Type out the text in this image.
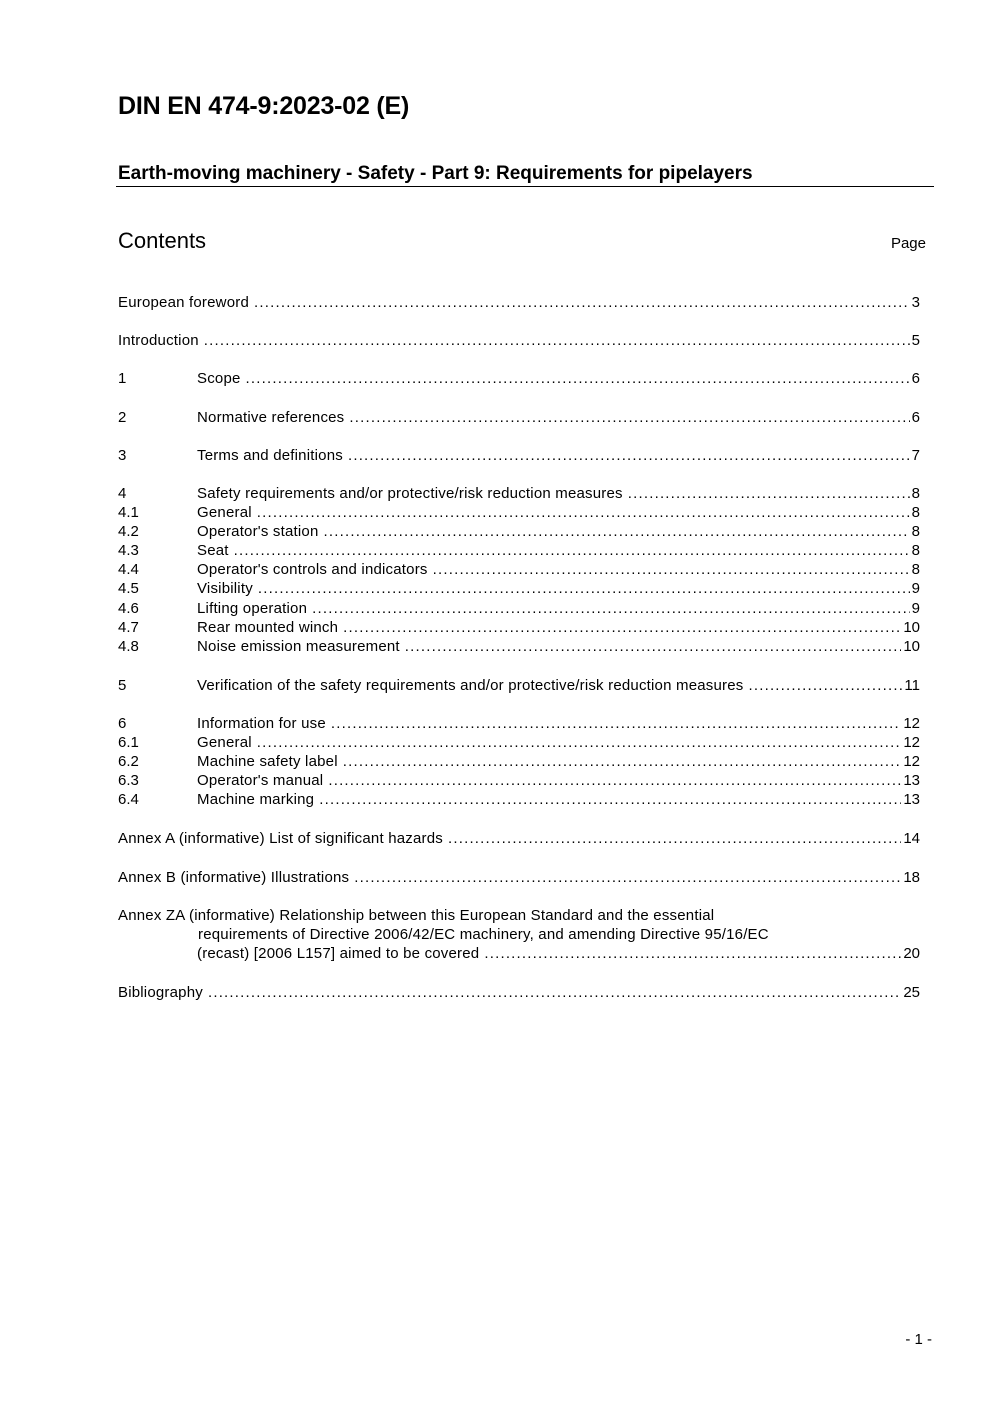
DIN EN 474-9:2023-02 (E)
Earth-moving machinery - Safety - Part 9: Requirements for pipelayers
Contents	Page
European foreword .....	3
Introduction .....	5
1	Scope .....	6
2	Normative references .....	6
3	Terms and definitions .....	7
4	Safety requirements and/or protective/risk reduction measures .....	8
4.1	General .....	8
4.2	Operator's station .....	8
4.3	Seat .....	8
4.4	Operator's controls and indicators .....	8
4.5	Visibility .....	9
4.6	Lifting operation .....	9
4.7	Rear mounted winch .....	10
4.8	Noise emission measurement .....	10
5	Verification of the safety requirements and/or protective/risk reduction measures .....	11
6	Information for use .....	12
6.1	General .....	12
6.2	Machine safety label .....	12
6.3	Operator's manual .....	13
6.4	Machine marking .....	13
Annex A (informative) List of significant hazards .....	14
Annex B (informative) Illustrations .....	18
Annex ZA (informative) Relationship between this European Standard and the essential
requirements of Directive 2006/42/EC machinery, and amending Directive 95/16/EC
(recast) [2006 L157] aimed to be covered .....	20
Bibliography .....	25
- 1 -
